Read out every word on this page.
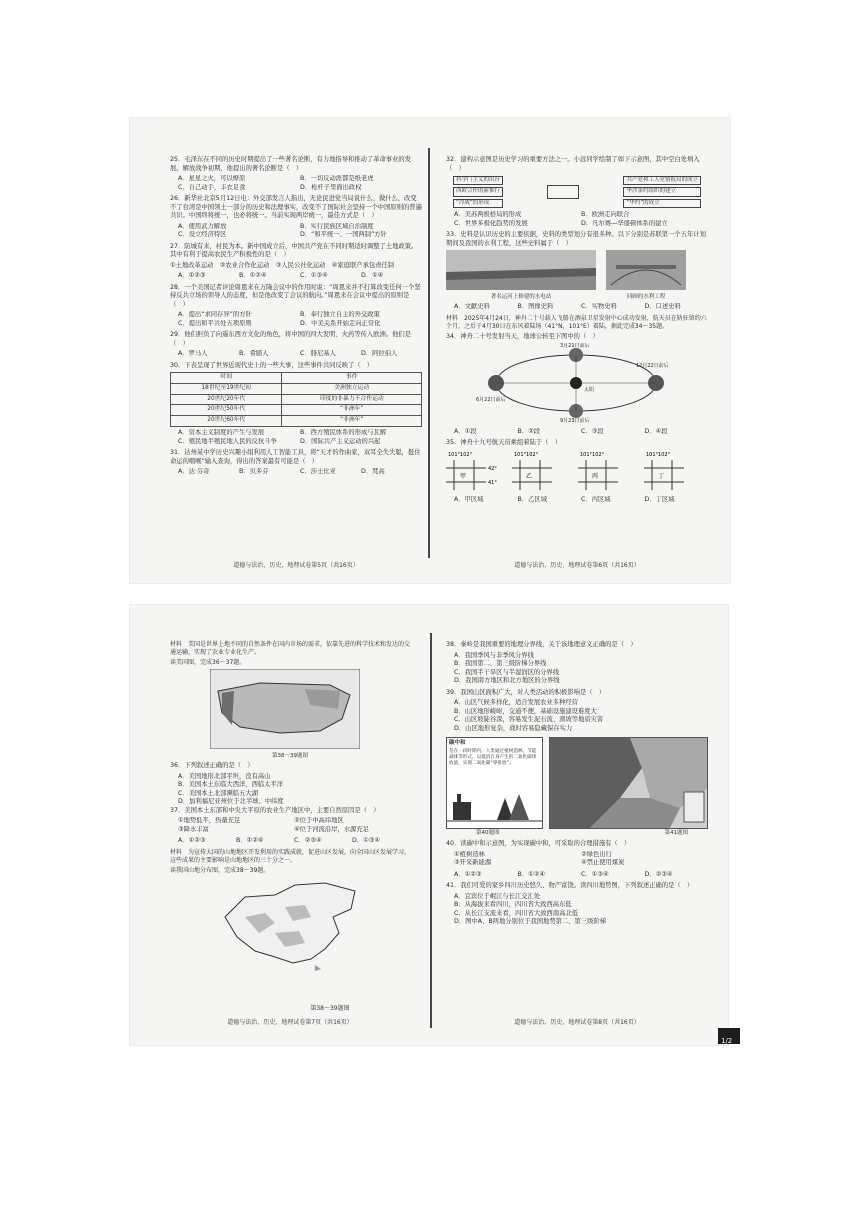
25．毛泽东在不同的历史时期提出了一些著名论断，有力地指导和推动了革命事业的发展。解放战争初期，他提出的著名论断是（　）
A．星星之火，可以燎原	B．一切反动派都是纸老虎
C．自己动手，丰衣足食	D．枪杆子里面出政权
26．新华社北京5月12日电：外交部发言人指出，无论民进党当局说什么、做什么，改变不了台湾是中国领土一部分的历史和法理事实，改变不了国际社会坚持一个中国原则的普遍共识。中国终将统一，也必将统一。当前实现两岸统一，最佳方式是（　）
A．使用武力解放	B．实行民族区域自治制度
C．设立经济特区	D．“和平统一、一国两制”方针
27．防城有来，村民为本。新中国成立后，中国共产党在不同时期适时调整了土地政策。其中有利于提高农民生产积极性的是（　）
①土地改革运动　②农业合作化运动　③人民公社化运动　④家庭联产承包责任制
A．①②③	B．①②④	C．①③④	D．①④
28．一个美国记者评论周恩来在万隆会议中的作用时说：“周恩来并不打算改变任何一个坚持反共立场的领导人的态度，但是他改变了会议的航向。”周恩来在会议中提出的原则是（　）
A．提出“求同存异”的方针	B．奉行独立自主的外交政策
C．提出和平共处五项原则	D．中美关系开始走向正常化
29．他们担负了向遥东西方文化的角色，将中国的四大发明、火药等传入欧洲。他们是（　）
A．罗马人	B．希腊人	C．腓尼基人	D．阿拉伯人
30．下表呈现了世界近现代史上的一些大事，这些事件共同反映了（　）
时间	事件
18世纪至19世纪初	美洲独立运动
20世纪20年代	印度的非暴力不合作运动
20世纪50年代	“非洲年”
20世纪60年代	“非洲年”
A．资本主义制度的产生与发展	B．西方殖民体系的形成与瓦解
C．殖民地半殖民地人民的反抗斗争	D．国际共产主义运动的兴起
31．达州某中学历史兴趣小组利用人工智能工具，将“天才的作曲家，双耳全失失聪，挺住命运的咽喉”输入查询，得出的答案最有可能是（　）
A．达·芬奇	B．贝多芬	C．莎士比亚	D．梵高
道德与法治、历史、地理试卷第5页（共16页）
32．建构示意图是历史学习的重要方法之一。小远同学绘制了如下示意图，其中空白处填入（　）
科学门主义的出台
西欧合作的新推行
“冷战”的形成
共产党和工人党情报局的成立
华沙条约组织的建立
“华约”的成立
A．美苏两极格局的形成	B．欧洲走向联合
C．世界多极化趋势的发展	D．凡尔赛—华盛顿体系的建立
33．史料是认识历史的主要依据，史料的类型划分有很多种。以下分别是苏联第一个五年计划期间及我国的水利工程，这些史料属于（　）
著名运河上修建的水电站	回顾的水利工程
A．文献史料	B．图像史料	C．实物史料	D．口述史料
材料　2025年4月24日，神舟二十号载人飞船在酒泉卫星发射中心成功发射，航天员在轨驻留约六个月，之后于4月30日在东风着陆场（41°N，101°E）着陆，据此完成34～35题。
34．神舟二十号发射当天，地球公转至下图中的（　）
3月21日前后
12月22日前后
6月22日前后
9月23日前后
太阳
A．①段	B．②段	C．③段	D．④段
35．神舟十九号航天员乘组着陆于（　）
101°102°
甲
42°
41°
101°102°
乙
101°102°
丙
101°102°
丁
A．甲区域	B．乙区域	C．丙区域	D．丁区域
道德与法治、历史、地理试卷第6页（共16页）
材料　美国是世界上地不同的自然条件在国内市场的需求，依靠先进的科学技术和发达的交通运输，实现了农业专业化生产。
读美国图，完成36～37题。
第38～39题图
36．下列叙述正确的是（　）
A．美国地形北部平坦，没有高山
B．美国本土东临大西洋，西临太平洋
C．美国本土北部濒临五大湖
D．加利福尼亚州位于北半球、中纬度
37．美国本土东部和中央大平原的农业生产地区中，主要自然原因是（　）
①地势低平，热量充足	②位于中高纬地区
③降水丰富	④位于河流沿岸，水源充足
A．①②③	B．①②④	C．②③④	D．①③④
材料　为宣传大国的山地地区开发利用的实践成就，促进山区发展，向全国山区发展学习，这些成果的主要影响是山地地区的三十分之一。
读我国山地分布图，完成38～39题。
第38～39题图
道德与法治、历史、地理试卷第7页（共16页）
38．秦岭是我国重要的地理分界线，关于该地理意义正确的是（　）
A．我国季风与非季风分界线
B．我国第二、第三级阶梯分界线
C．我国半干旱区与半湿润区的分界线
D．我国南方地区和北方地区的分界线
39．我国山区面积广大，对人类活动的积极影响是（　）
A．山区气候多样化，适合发展农业多种经营
B．山区地形崎岖，交通不便，基础设施建设难度大
C．山区坡陡谷深，容易发生泥石流、滑坡等地质灾害
D．山区地形复杂，战时容易隐藏保存实力
碳中和
是在一段时期内，人类通过植树造林、节能减排等形式，以抵消自身产生的二氧化碳排放量，实现二氧化碳“零排放”。
第40题图	第41题图
40．读碳中和示意图，为实现碳中和，可采取的合理措施有（　）
①植树造林	②绿色出行
③开采新能源	④禁止使用煤炭
A．①②③	B．①②④	C．①③④	D．②③④
41．我们可爱的家乡四川历史悠久、物产富饶。读四川地势图，下列叙述正确的是（　）
A．宜宾位于岷江与长江交汇处
B．从海拔来看四川，四川省大致西高东低
C．从长江支流来看，四川省大致西南高北低
D．图中A、B两地分别位于我国地势第二、第三级阶梯
道德与法治、历史、地理试卷第8页（共16页）
1/2
